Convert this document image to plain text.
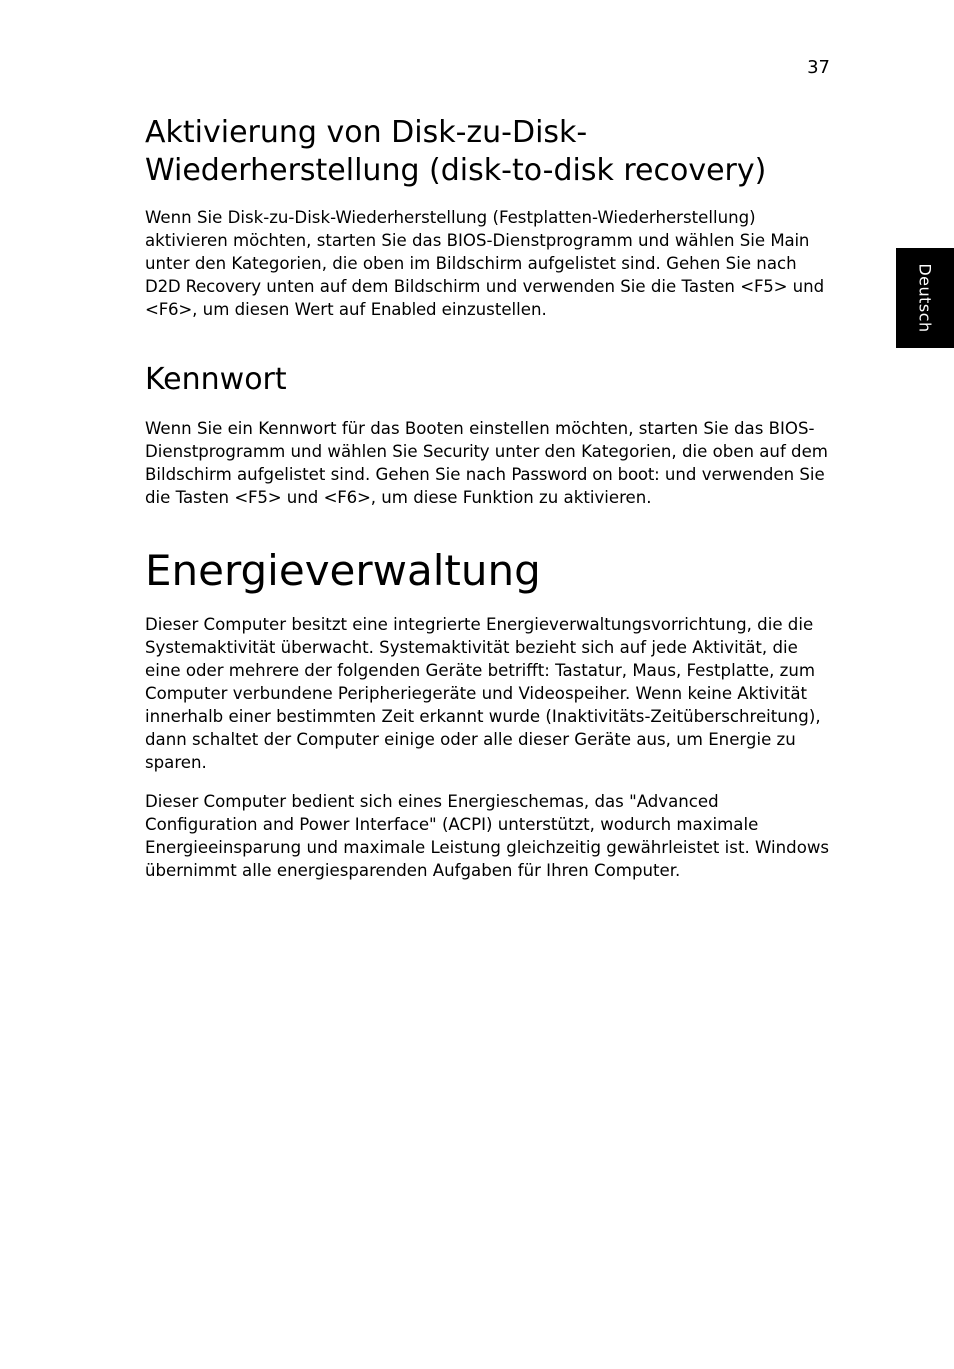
37
Deutsch
Aktivierung von Disk-zu-Disk-
Wiederherstellung (disk-to-disk recovery)

Wenn Sie Disk-zu-Disk-Wiederherstellung (Festplatten-Wiederherstellung) aktivieren möchten, starten Sie das BIOS-Dienstprogramm und wählen Sie Main unter den Kategorien, die oben im Bildschirm aufgelistet sind. Gehen Sie nach D2D Recovery unten auf dem Bildschirm und verwenden Sie die Tasten <F5> und <F6>, um diesen Wert auf Enabled einzustellen.

Kennwort

Wenn Sie ein Kennwort für das Booten einstellen möchten, starten Sie das BIOS-Dienstprogramm und wählen Sie Security unter den Kategorien, die oben auf dem Bildschirm aufgelistet sind. Gehen Sie nach Password on boot: und verwenden Sie die Tasten <F5> und <F6>, um diese Funktion zu aktivieren.

Energieverwaltung

Dieser Computer besitzt eine integrierte Energieverwaltungsvorrichtung, die die Systemaktivität überwacht. Systemaktivität bezieht sich auf jede Aktivität, die eine oder mehrere der folgenden Geräte betrifft: Tastatur, Maus, Festplatte, zum Computer verbundene Peripheriegeräte und Videospeiher. Wenn keine Aktivität innerhalb einer bestimmten Zeit erkannt wurde (Inaktivitäts-Zeitüberschreitung), dann schaltet der Computer einige oder alle dieser Geräte aus, um Energie zu sparen.

Dieser Computer bedient sich eines Energieschemas, das "Advanced Configuration and Power Interface" (ACPI) unterstützt, wodurch maximale Energieeinsparung und maximale Leistung gleichzeitig gewährleistet ist. Windows übernimmt alle energiesparenden Aufgaben für Ihren Computer.
